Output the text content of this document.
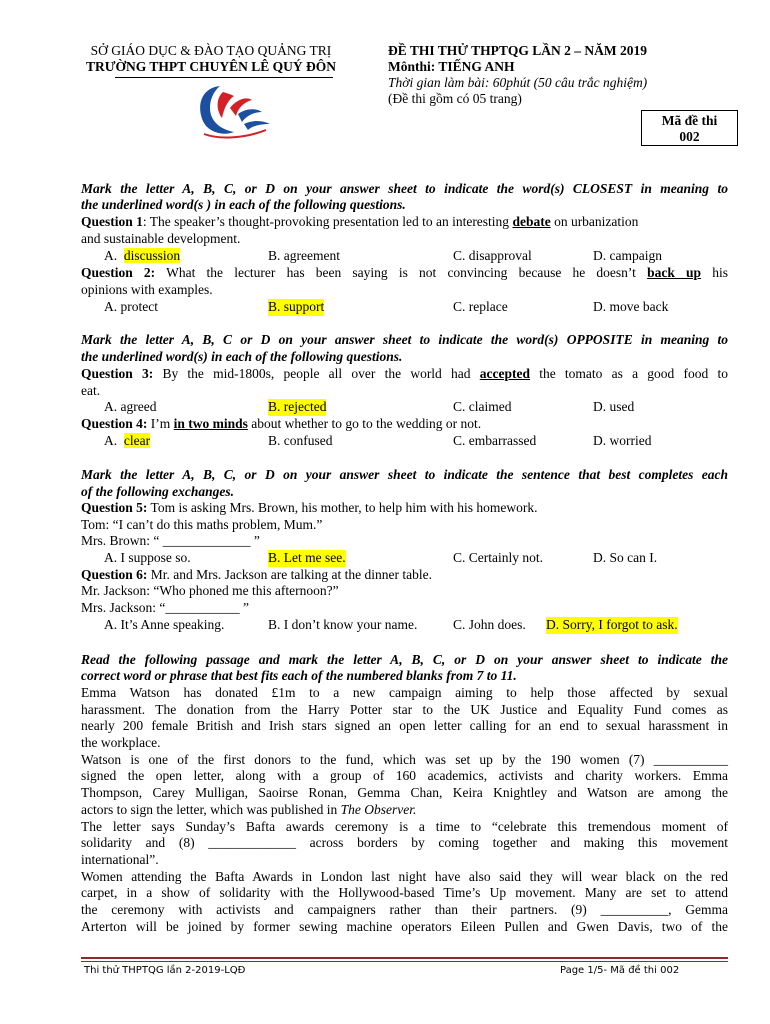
SỞ GIÁO DỤC & ĐÀO TẠO QUẢNG TRỊ
TRƯỜNG THPT CHUYÊN LÊ QUÝ ĐÔN
ĐỀ THI THỬ THPTQG LẦN 2 – NĂM 2019
Mônthi: TIẾNG ANH
Thời gian làm bài: 60phút (50 câu trắc nghiệm)
(Đề thi gồm có 05 trang)
Mã đề thi
002
Mark the letter A, B, C, or D on your answer sheet to indicate the word(s) CLOSEST in meaning to
the underlined word(s ) in each of the following questions.
Question 1: The speaker’s thought-provoking presentation led to an interesting debate on urbanization
and sustainable development.
A. discussion	B. agreement	C. disapproval	D. campaign
Question 2: What the lecturer has been saying is not convincing because he doesn’t back up his
opinions with examples.
A. protect	B. support	C. replace	D. move back
Mark the letter A, B, C or D on your answer sheet to indicate the word(s) OPPOSITE in meaning to
the underlined word(s) in each of the following questions.
Question 3: By the mid-1800s, people all over the world had accepted the tomato as a good food to
eat.
A. agreed	B. rejected	C. claimed	D. used
Question 4: I’m in two minds about whether to go to the wedding or not.
A. clear	B. confused	C. embarrassed	D. worried
Mark the letter A, B, C, or D on your answer sheet to indicate the sentence that best completes each
of the following exchanges.
Question 5: Tom is asking Mrs. Brown, his mother, to help him with his homework.
Tom: “I can’t do this maths problem, Mum.”
Mrs. Brown: “ _____________ ”
A. I suppose so.	B. Let me see.	C. Certainly not.	D. So can I.
Question 6: Mr. and Mrs. Jackson are talking at the dinner table.
Mr. Jackson: “Who phoned me this afternoon?”
Mrs. Jackson: “___________ ”
A. It’s Anne speaking.	B. I don’t know your name.	C. John does. D. Sorry, I forgot to ask.
Read the following passage and mark the letter A, B, C, or D on your answer sheet to indicate the
correct word or phrase that best fits each of the numbered blanks from 7 to 11.
Emma Watson has donated £1m to a new campaign aiming to help those affected by sexual
harassment. The donation from the Harry Potter star to the UK Justice and Equality Fund comes as
nearly 200 female British and Irish stars signed an open letter calling for an end to sexual harassment in
the workplace.
Watson is one of the first donors to the fund, which was set up by the 190 women (7) ___________
signed the open letter, along with a group of 160 academics, activists and charity workers. Emma
Thompson, Carey Mulligan, Saoirse Ronan, Gemma Chan, Keira Knightley and Watson are among the
actors to sign the letter, which was published in The Observer.
The letter says Sunday’s Bafta awards ceremony is a time to “celebrate this tremendous moment of
solidarity and (8) _____________ across borders by coming together and making this movement
international”.
Women attending the Bafta Awards in London last night have also said they will wear black on the red
carpet, in a show of solidarity with the Hollywood-based Time’s Up movement. Many are set to attend
the ceremony with activists and campaigners rather than their partners. (9) __________, Gemma
Arterton will be joined by former sewing machine operators Eileen Pullen and Gwen Davis, two of the
Thi thử THPTQG lần 2-2019-LQĐ	Page 1/5- Mã đề thi 002
